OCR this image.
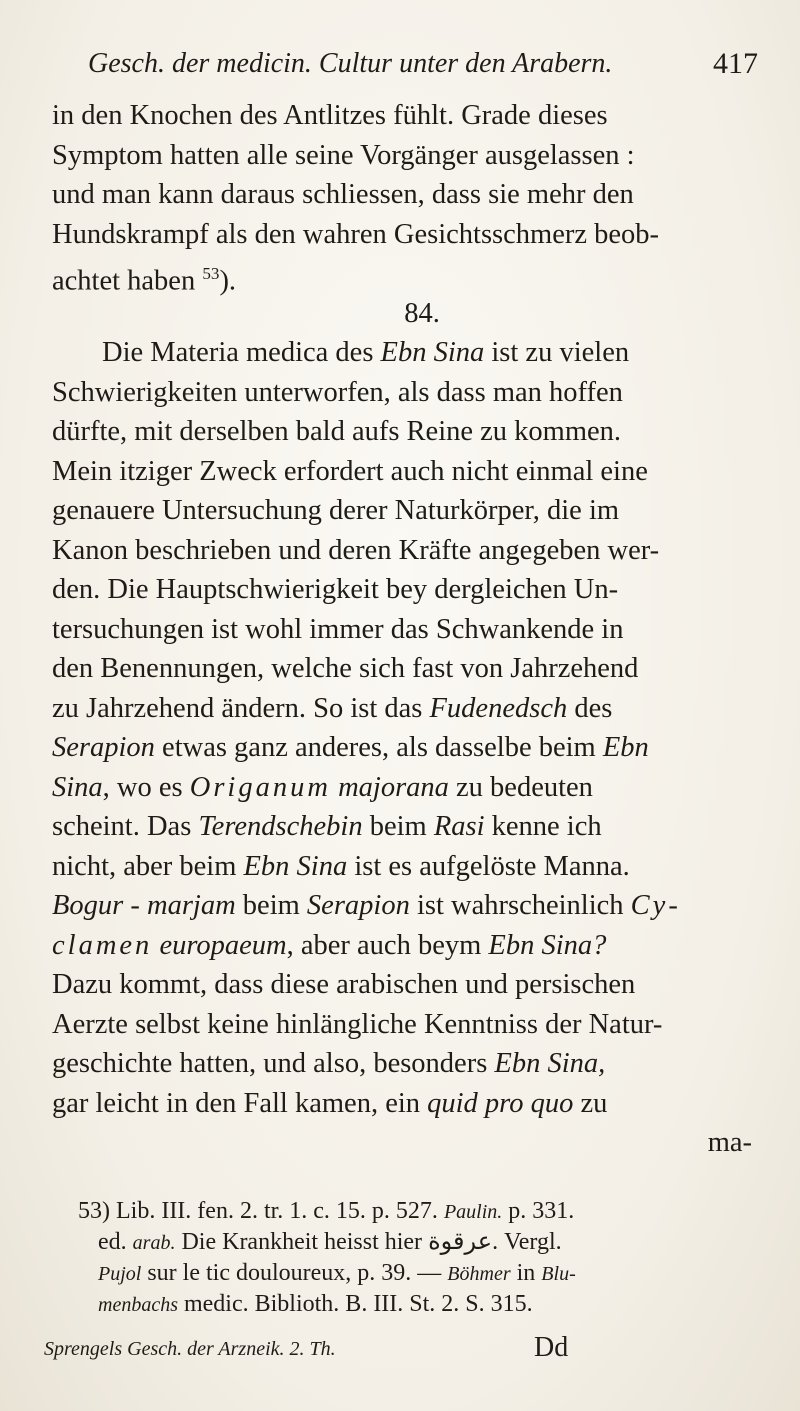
Gesch. der medicin. Cultur unter den Arabern.	417
in den Knochen des Antlitzes fühlt. Grade dieses
Symptom hatten alle seine Vorgänger ausgelassen :
und man kann daraus schliessen, dass sie mehr den
Hundskrampf als den wahren Gesichtsschmerz beob-
achtet haben $^{53}$).
84.
Die Materia medica des Ebn Sina ist zu vielen
Schwierigkeiten unterworfen, als dass man hoffen
dürfte, mit derselben bald aufs Reine zu kommen.
Mein itziger Zweck erfordert auch nicht einmal eine
genauere Untersuchung derer Naturkörper, die im
Kanon beschrieben und deren Kräfte angegeben wer-
den. Die Hauptschwierigkeit bey dergleichen Un-
tersuchungen ist wohl immer das Schwankende in
den Benennungen, welche sich fast von Jahrzehend
zu Jahrzehend ändern. So ist das Fudenedsch des
Serapion etwas ganz anderes, als dasselbe beim Ebn
Sina, wo es Origanum majorana zu bedeuten
scheint. Das Terendschebin beim Rasi kenne ich
nicht, aber beim Ebn Sina ist es aufgelöste Manna.
Bogur - marjam beim Serapion ist wahrscheinlich Cy-
clamen europaeum, aber auch beym Ebn Sina?
Dazu kommt, dass diese arabischen und persischen
Aerzte selbst keine hinlängliche Kenntniss der Natur-
geschichte hatten, und also, besonders Ebn Sina,
gar leicht in den Fall kamen, ein quid pro quo zu
ma-
53) Lib. III. fen. 2. tr. 1. c. 15. p. 527. Paulin. p. 331.
ed. arab. Die Krankheit heisst hier عرقوة. Vergl.
Pujol sur le tic douloureux, p. 39. — Böhmer in Blu-
menbachs medic. Biblioth. B. III. St. 2. S. 315.
Sprengels Gesch. der Arzneik. 2. Th.	Dd
